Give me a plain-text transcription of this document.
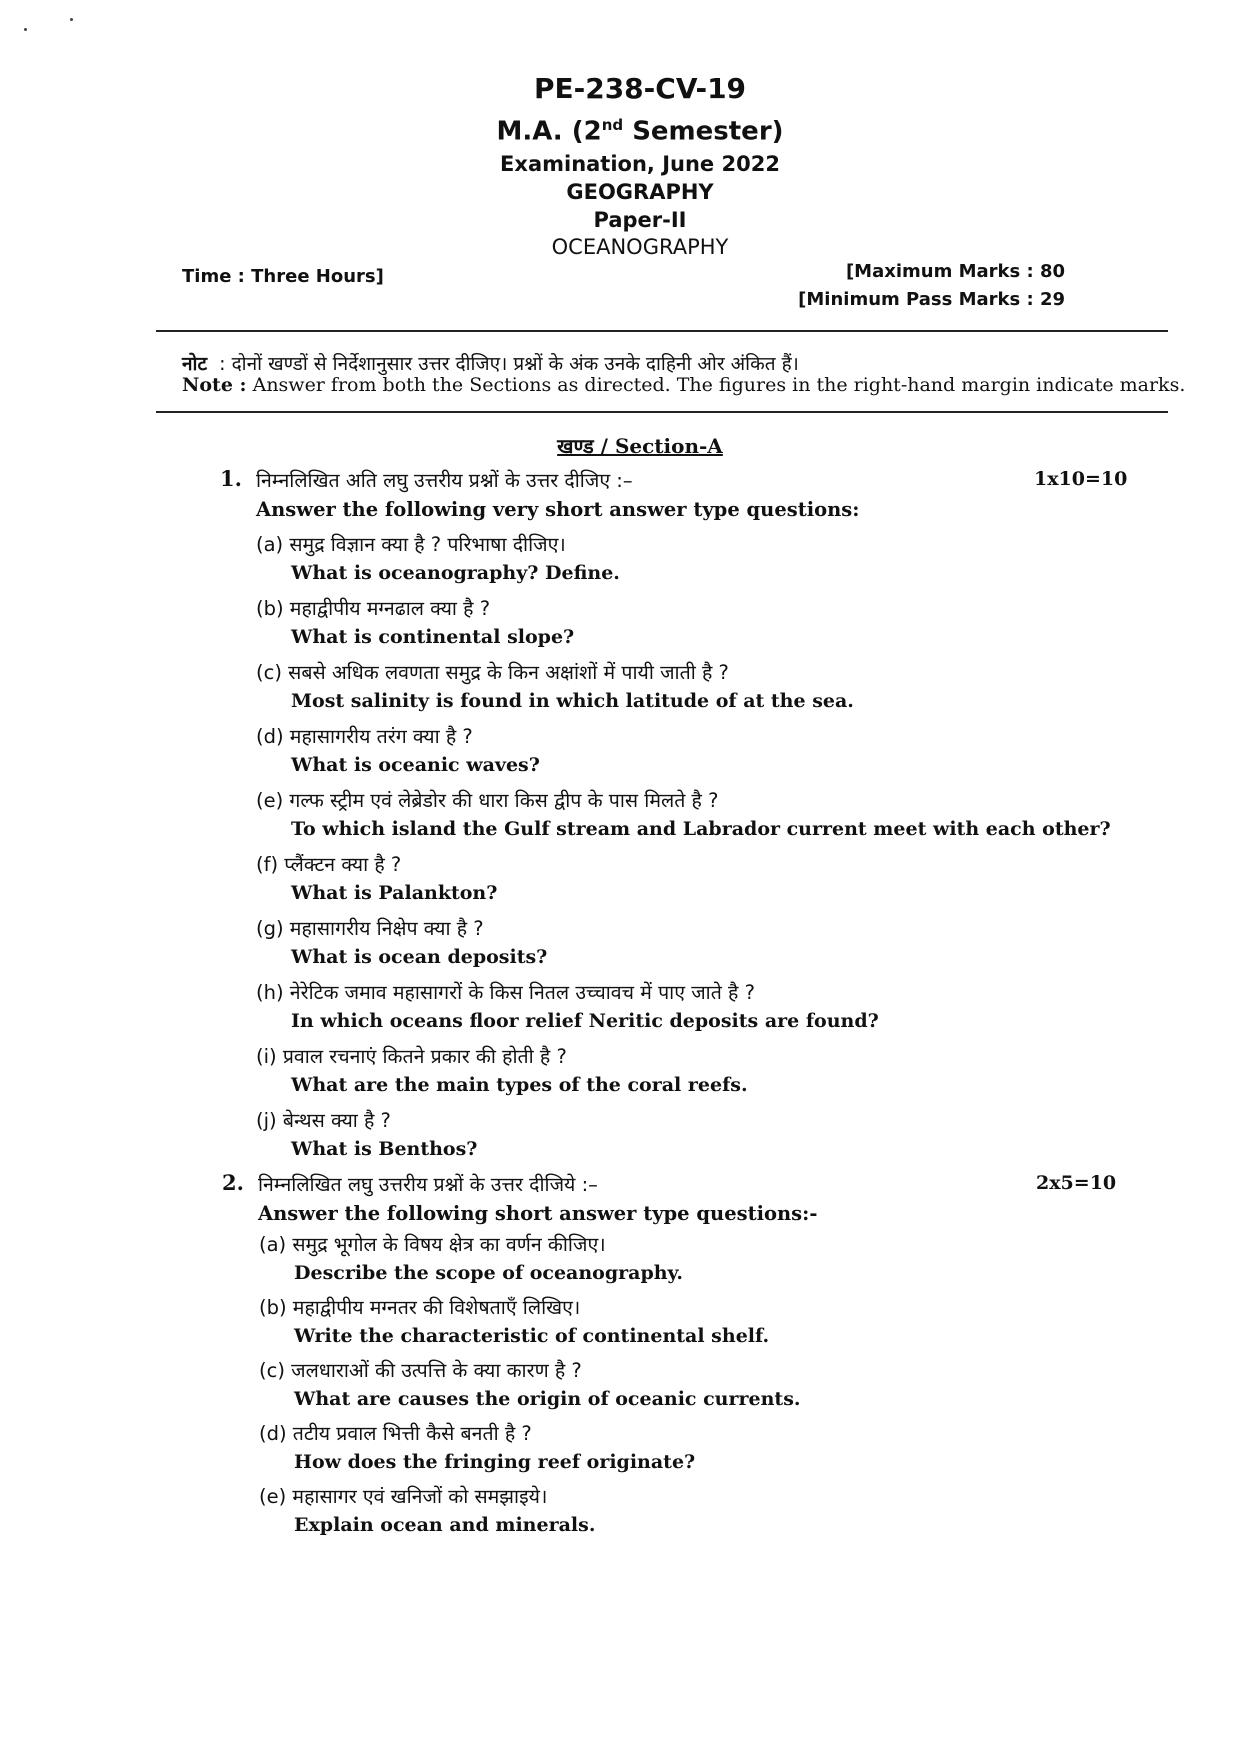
PE-238-CV-19
M.A. (2nd Semester)
Examination, June 2022
GEOGRAPHY
Paper-II
OCEANOGRAPHY
Time : Three Hours]	[Maximum Marks : 80
[Minimum Pass Marks : 29
नोट : दोनों खण्डों से निर्देशानुसार उत्तर दीजिए। प्रश्नों के अंक उनके दाहिनी ओर अंकित हैं।
Note : Answer from both the Sections as directed. The figures in the right-hand margin indicate marks.
खण्ड / Section-A
1. निम्नलिखित अति लघु उत्तरीय प्रश्नों के उत्तर दीजिए :–	1x10=10
Answer the following very short answer type questions:
(a) समुद्र विज्ञान क्या है ? परिभाषा दीजिए।
What is oceanography? Define.
(b) महाद्वीपीय मग्नढाल क्या है ?
What is continental slope?
(c) सबसे अधिक लवणता समुद्र के किन अक्षांशों में पायी जाती है ?
Most salinity is found in which latitude of at the sea.
(d) महासागरीय तरंग क्या है ?
What is oceanic waves?
(e) गल्फ स्ट्रीम एवं लेब्रेडोर की धारा किस द्वीप के पास मिलते है ?
To which island the Gulf stream and Labrador current meet with each other?
(f) प्लैंक्टन क्या है ?
What is Palankton?
(g) महासागरीय निक्षेप क्या है ?
What is ocean deposits?
(h) नेरेटिक जमाव महासागरों के किस नितल उच्चावच में पाए जाते है ?
In which oceans floor relief Neritic deposits are found?
(i) प्रवाल रचनाएं कितने प्रकार की होती है ?
What are the main types of the coral reefs.
(j) बेन्थस क्या है ?
What is Benthos?
2. निम्नलिखित लघु उत्तरीय प्रश्नों के उत्तर दीजिये :–	2x5=10
Answer the following short answer type questions:-
(a) समुद्र भूगोल के विषय क्षेत्र का वर्णन कीजिए।
Describe the scope of oceanography.
(b) महाद्वीपीय मग्नतर की विशेषताएँ लिखिए।
Write the characteristic of continental shelf.
(c) जलधाराओं की उत्पत्ति के क्या कारण है ?
What are causes the origin of oceanic currents.
(d) तटीय प्रवाल भित्ती कैसे बनती है ?
How does the fringing reef originate?
(e) महासागर एवं खनिजों को समझाइये।
Explain ocean and minerals.
